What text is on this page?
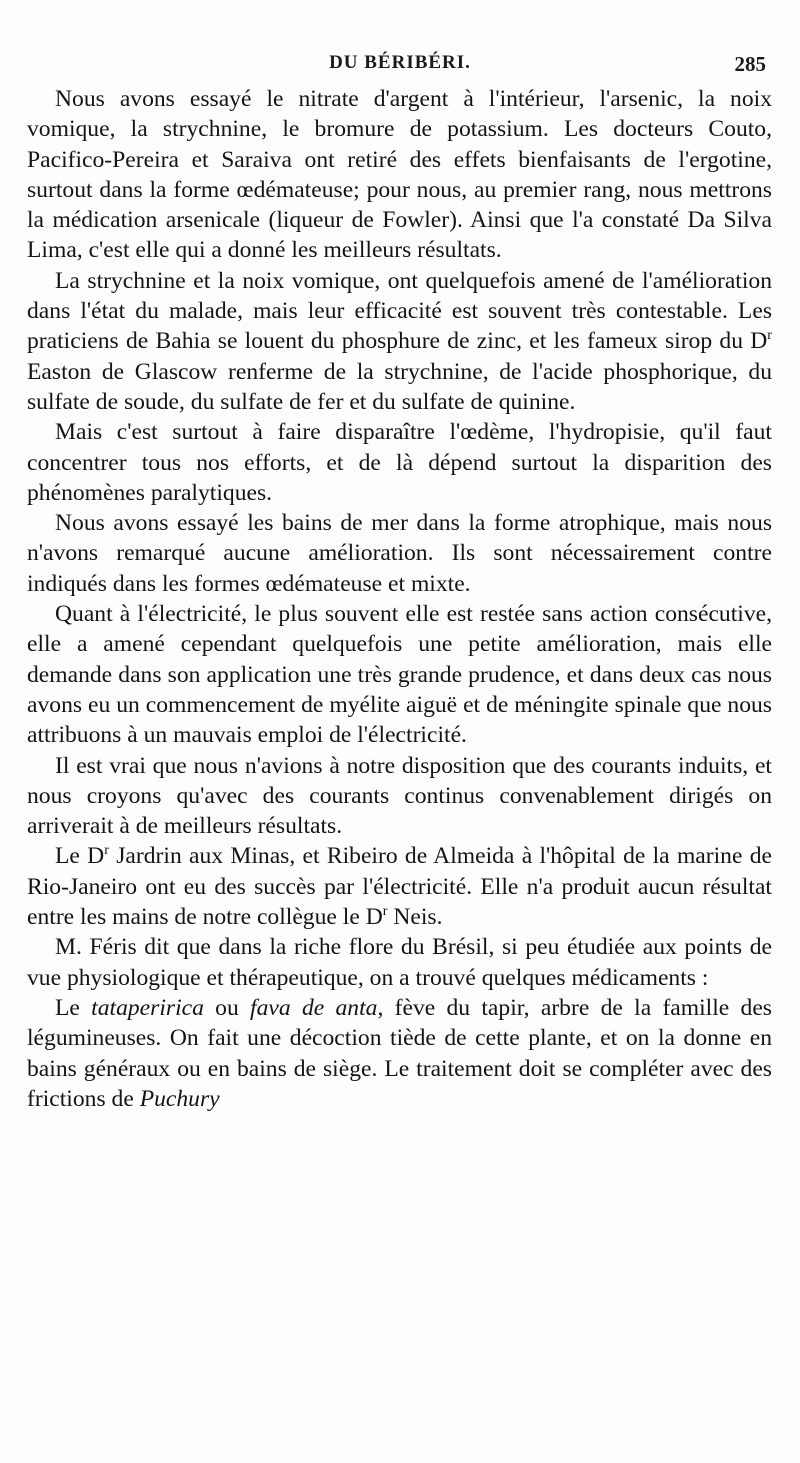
DU BÉRIBÉRI.	285

Nous avons essayé le nitrate d'argent à l'intérieur, l'arsenic, la noix vomique, la strychnine, le bromure de potassium. Les docteurs Couto, Pacifico-Pereira et Saraiva ont retiré des effets bienfaisants de l'ergotine, surtout dans la forme œdémateuse; pour nous, au premier rang, nous mettrons la médication arsenicale (liqueur de Fowler). Ainsi que l'a constaté Da Silva Lima, c'est elle qui a donné les meilleurs résultats.

La strychnine et la noix vomique, ont quelquefois amené de l'amélioration dans l'état du malade, mais leur efficacité est souvent très contestable. Les praticiens de Bahia se louent du phosphure de zinc, et les fameux sirop du $D^r$ Easton de Glascow renferme de la strychnine, de l'acide phosphorique, du sulfate de soude, du sulfate de fer et du sulfate de quinine.

Mais c'est surtout à faire disparaître l'œdème, l'hydropisie, qu'il faut concentrer tous nos efforts, et de là dépend surtout la disparition des phénomènes paralytiques.

Nous avons essayé les bains de mer dans la forme atrophique, mais nous n'avons remarqué aucune amélioration. Ils sont nécessairement contre indiqués dans les formes œdémateuse et mixte.

Quant à l'électricité, le plus souvent elle est restée sans action consécutive, elle a amené cependant quelquefois une petite amélioration, mais elle demande dans son application une très grande prudence, et dans deux cas nous avons eu un commencement de myélite aiguë et de méningite spinale que nous attribuons à un mauvais emploi de l'électricité.

Il est vrai que nous n'avions à notre disposition que des courants induits, et nous croyons qu'avec des courants continus convenablement dirigés on arriverait à de meilleurs résultats.

Le $D^r$ Jardrin aux Minas, et Ribeiro de Almeida à l'hôpital de la marine de Rio-Janeiro ont eu des succès par l'électricité. Elle n'a produit aucun résultat entre les mains de notre collègue le $D^r$ Neis.

M. Féris dit que dans la riche flore du Brésil, si peu étudiée aux points de vue physiologique et thérapeutique, on a trouvé quelques médicaments :

Le tataperirica ou fava de anta, fève du tapir, arbre de la famille des légumineuses. On fait une décoction tiède de cette plante, et on la donne en bains généraux ou en bains de siège. Le traitement doit se compléter avec des frictions de Puchury
